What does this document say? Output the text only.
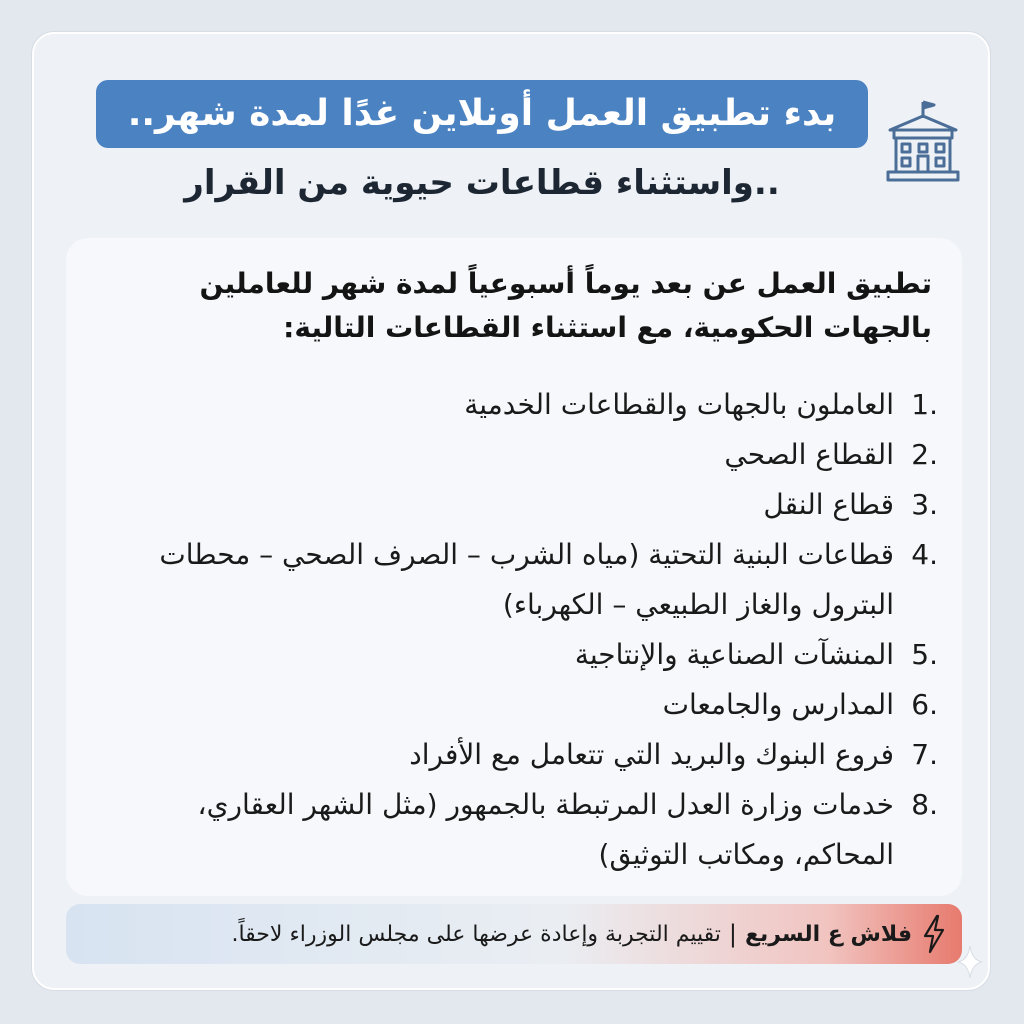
بدء تطبيق العمل أونلاين غدًا لمدة شهر..
..واستثناء قطاعات حيوية من القرار
تطبيق العمل عن بعد يوماً أسبوعياً لمدة شهر للعاملين بالجهات الحكومية، مع استثناء القطاعات التالية:
.1
العاملون بالجهات والقطاعات الخدمية
.2
القطاع الصحي
.3
قطاع النقل
.4
قطاعات البنية التحتية (مياه الشرب – الصرف الصحي – محطات البترول والغاز الطبيعي – الكهرباء)
.5
المنشآت الصناعية والإنتاجية
.6
المدارس والجامعات
.7
فروع البنوك والبريد التي تتعامل مع الأفراد
.8
خدمات وزارة العدل المرتبطة بالجمهور (مثل الشهر العقاري، المحاكم، ومكاتب التوثيق)
فلاش ع السريع
|
تقييم التجربة وإعادة عرضها على مجلس الوزراء لاحقاً.
